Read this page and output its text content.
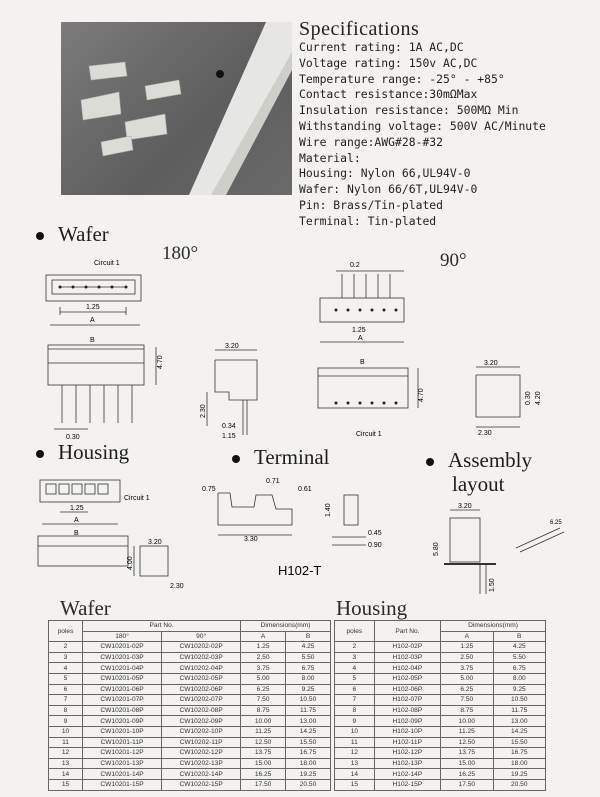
Specifications
Current rating: 1A AC,DC
Voltage rating: 150v AC,DC
Temperature range: -25° - +85°
Contact resistance:30mΩMax
Insulation resistance: 500MΩ Min
Withstanding voltage: 500V AC/Minute
Wire range:AWG#28-#32
Material:
Housing: Nylon 66,UL94V-0
Wafer: Nylon 66/6T,UL94V-0
Pin: Brass/Tin-plated
Terminal: Tin-plated
Wafer
180°	90°
Housing	Terminal	Assembly
layout
Circuit 1
1.25
A
B
4.70
0.30
3.20
2.30
0.34
1.15
0.2
1.25
A
B
4.70
Circuit 1
3.20
0.30 4.20
2.30
1.25
A
B
Circuit 1
3.20
4.00
2.30
0.75
0.71
0.61
3.30
1.40
0.45
0.90
H102-T
3.20
5.80
1.50
6.25
Wafer	Housing
poles	Part No.		Dimensions(mm)	
	180°	90°	A	B
2	CW10201-02P	CW10202-02P	1.25	4.25
3	CW10201-03P	CW10202-03P	2.50	5.50
4	CW10201-04P	CW10202-04P	3.75	6.75
5	CW10201-05P	CW10202-05P	5.00	8.00
6	CW10201-06P	CW10202-06P	6.25	9.25
7	CW10201-07P	CW10202-07P	7.50	10.50
8	CW10201-08P	CW10202-08P	8.75	11.75
9	CW10201-09P	CW10202-09P	10.00	13.00
10	CW10201-10P	CW10202-10P	11.25	14.25
11	CW10201-11P	CW10202-11P	12.50	15.50
12	CW10201-12P	CW10202-12P	13.75	16.75
13	CW10201-13P	CW10202-13P	15.00	18.00
14	CW10201-14P	CW10202-14P	16.25	19.25
15	CW10201-15P	CW10202-15P	17.50	20.50
poles	Part No.	Dimensions(mm)	
		A	B
2	H102-02P	1.25	4.25
3	H102-03P	2.50	5.50
4	H102-04P	3.75	6.75
5	H102-05P	5.00	8.00
6	H102-06P	6.25	9.25
7	H102-07P	7.50	10.50
8	H102-08P	8.75	11.75
9	H102-09P	10.00	13.00
10	H102-10P	11.25	14.25
11	H102-11P	12.50	15.50
12	H102-12P	13.75	16.75
13	H102-13P	15.00	18.00
14	H102-14P	16.25	19.25
15	H102-15P	17.50	20.50
